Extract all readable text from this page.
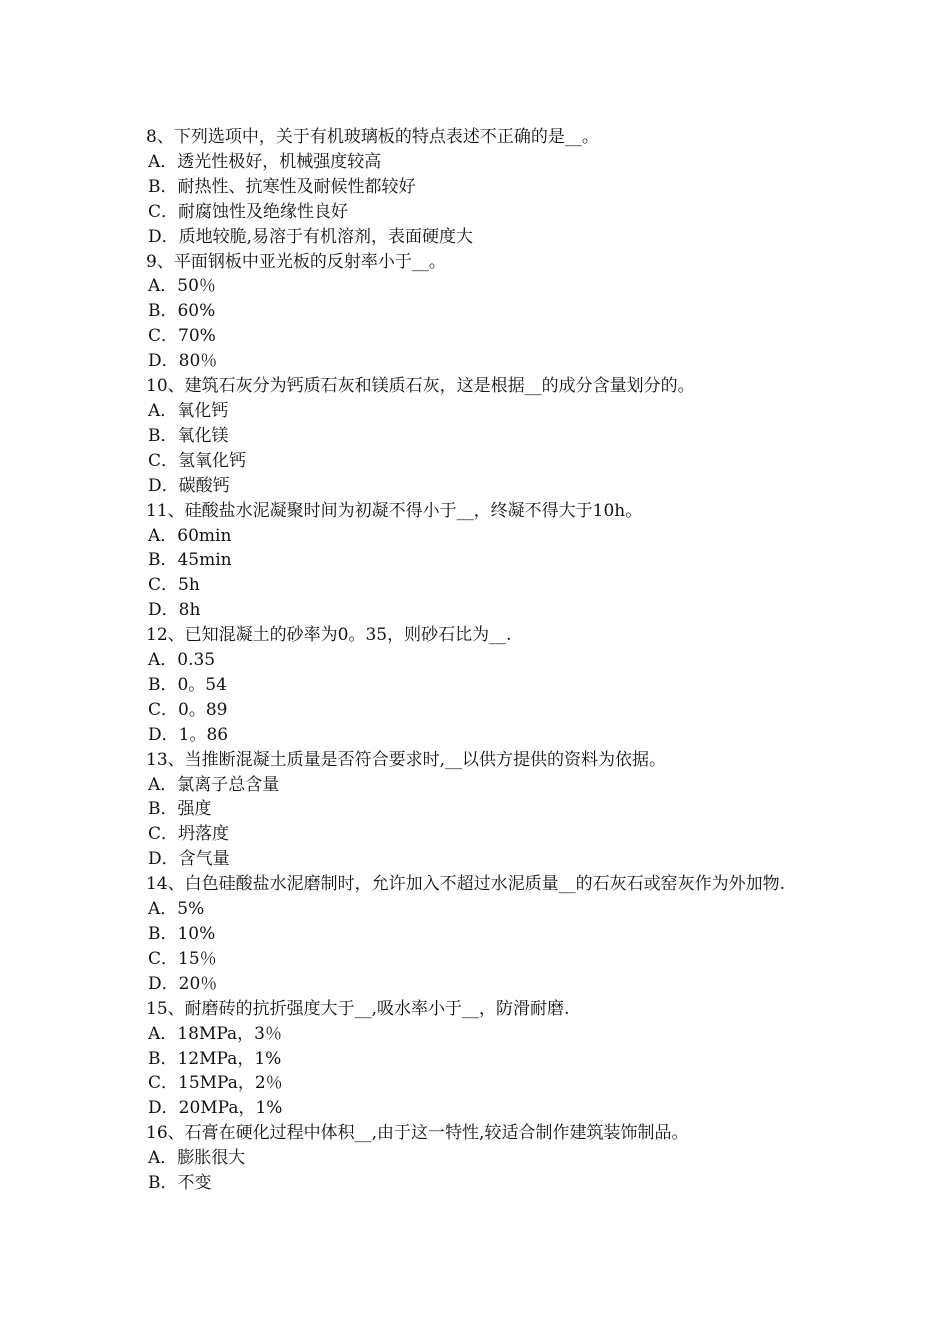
8、下列选项中，关于有机玻璃板的特点表述不正确的是__。
A．透光性极好，机械强度较高
B．耐热性、抗寒性及耐候性都较好
C．耐腐蚀性及绝缘性良好
D．质地较脆,易溶于有机溶剂，表面硬度大
9、平面钢板中亚光板的反射率小于__。
A．50％
B．60%
C．70%
D．80％
10、建筑石灰分为钙质石灰和镁质石灰，这是根据__的成分含量划分的。
A．氧化钙
B．氧化镁
C．氢氧化钙
D．碳酸钙
11、硅酸盐水泥凝聚时间为初凝不得小于__，终凝不得大于10h。
A．60min
B．45min
C．5h
D．8h
12、已知混凝土的砂率为0。35，则砂石比为__.
A．0.35
B．0。54
C．0。89
D．1。86
13、当推断混凝土质量是否符合要求时,__以供方提供的资料为依据。
A．氯离子总含量
B．强度
C．坍落度
D．含气量
14、白色硅酸盐水泥磨制时，允许加入不超过水泥质量__的石灰石或窑灰作为外加物.
A．5%
B．10%
C．15％
D．20％
15、耐磨砖的抗折强度大于__,吸水率小于__，防滑耐磨.
A．18MPa，3％
B．12MPa，1%
C．15MPa，2％
D．20MPa，1%
16、石膏在硬化过程中体积__,由于这一特性,较适合制作建筑装饰制品。
A．膨胀很大
B．不变
